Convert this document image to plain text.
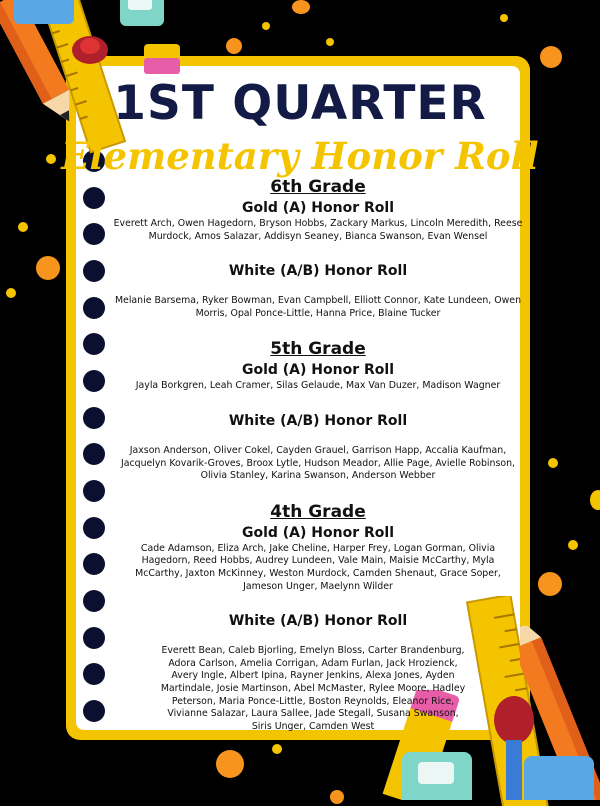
1ST QUARTER
Elementary Honor Roll

6th Grade

Gold (A) Honor Roll

Everett Arch, Owen Hagedorn, Bryson Hobbs, Zackary Markus, Lincoln Meredith, Reese Murdock, Amos Salazar, Addisyn Seaney, Bianca Swanson, Evan Wensel

White (A/B) Honor Roll

Melanie Barsema, Ryker Bowman, Evan Campbell, Elliott Connor, Kate Lundeen, Owen Morris, Opal Ponce-Little, Hanna Price, Blaine Tucker

5th Grade

Gold (A) Honor Roll

Jayla Borkgren, Leah Cramer, Silas Gelaude, Max Van Duzer, Madison Wagner

White (A/B) Honor Roll

Jaxson Anderson, Oliver Cokel, Cayden Grauel, Garrison Happ, Accalia Kaufman, Jacquelyn Kovarik-Groves, Broox Lytle, Hudson Meador, Allie Page, Avielle Robinson, Olivia Stanley, Karina Swanson, Anderson Webber

4th Grade

Gold (A) Honor Roll

Cade Adamson, Eliza Arch, Jake Cheline, Harper Frey, Logan Gorman, Olivia Hagedorn, Reed Hobbs, Audrey Lundeen, Vale Main, Maisie McCarthy, Myla McCarthy, Jaxton McKinney, Weston Murdock, Camden Shenaut, Grace Soper, Jameson Unger, Maelynn Wilder

White (A/B) Honor Roll

Everett Bean, Caleb Bjorling, Emelyn Bloss, Carter Brandenburg, Adora Carlson, Amelia Corrigan, Adam Furlan, Jack Hrozienck, Avery Ingle, Albert Ipina, Rayner Jenkins, Alexa Jones, Ayden Martindale, Josie Martinson, Abel McMaster, Rylee Moore, Hadley Peterson, Maria Ponce-Little, Boston Reynolds, Eleanor Rice, Vivianne Salazar, Laura Sallee, Jade Stegall, Susana Swanson, Siris Unger, Camden West
